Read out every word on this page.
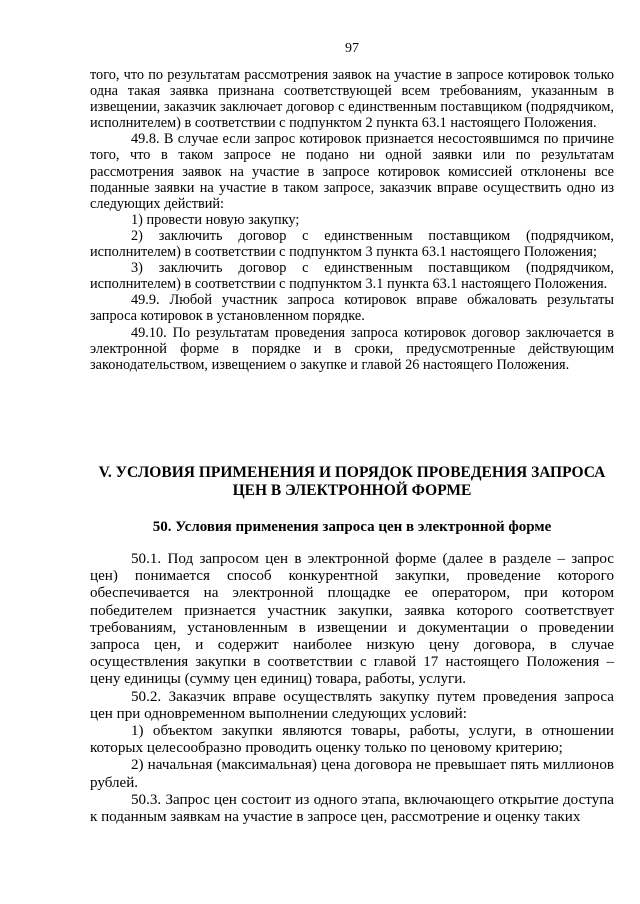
97

того, что по результатам рассмотрения заявок на участие в запросе котировок только одна такая заявка признана соответствующей всем требованиям, указанным в извещении, заказчик заключает договор с единственным поставщиком (подрядчиком, исполнителем) в соответствии с подпунктом 2 пункта 63.1 настоящего Положения.

49.8. В случае если запрос котировок признается несостоявшимся по причине того, что в таком запросе не подано ни одной заявки или по результатам рассмотрения заявок на участие в запросе котировок комиссией отклонены все поданные заявки на участие в таком запросе, заказчик вправе осуществить одно из следующих действий:

1) провести новую закупку;

2) заключить договор с единственным поставщиком (подрядчиком, исполнителем) в соответствии с подпунктом 3 пункта 63.1 настоящего Положения;

3) заключить договор с единственным поставщиком (подрядчиком, исполнителем) в соответствии с подпунктом 3.1 пункта 63.1 настоящего Положения.

49.9. Любой участник запроса котировок вправе обжаловать результаты запроса котировок в установленном порядке.

49.10. По результатам проведения запроса котировок договор заключается в электронной форме в порядке и в сроки, предусмотренные действующим законодательством, извещением о закупке и главой 26 настоящего Положения.

V. УСЛОВИЯ ПРИМЕНЕНИЯ И ПОРЯДОК ПРОВЕДЕНИЯ ЗАПРОСА
ЦЕН В ЭЛЕКТРОННОЙ ФОРМЕ
50. Условия применения запроса цен в электронной форме

50.1. Под запросом цен в электронной форме (далее в разделе – запрос цен) понимается способ конкурентной закупки, проведение которого обеспечивается на электронной площадке ее оператором, при котором победителем признается участник закупки, заявка которого соответствует требованиям, установленным в извещении и документации о проведении запроса цен, и содержит наиболее низкую цену договора, в случае осуществления закупки в соответствии с главой 17 настоящего Положения – цену единицы (сумму цен единиц) товара, работы, услуги.

50.2. Заказчик вправе осуществлять закупку путем проведения запроса цен при одновременном выполнении следующих условий:

1) объектом закупки являются товары, работы, услуги, в отношении которых целесообразно проводить оценку только по ценовому критерию;

2) начальная (максимальная) цена договора не превышает пять миллионов рублей.

50.3. Запрос цен состоит из одного этапа, включающего открытие доступа к поданным заявкам на участие в запросе цен, рассмотрение и оценку таких
